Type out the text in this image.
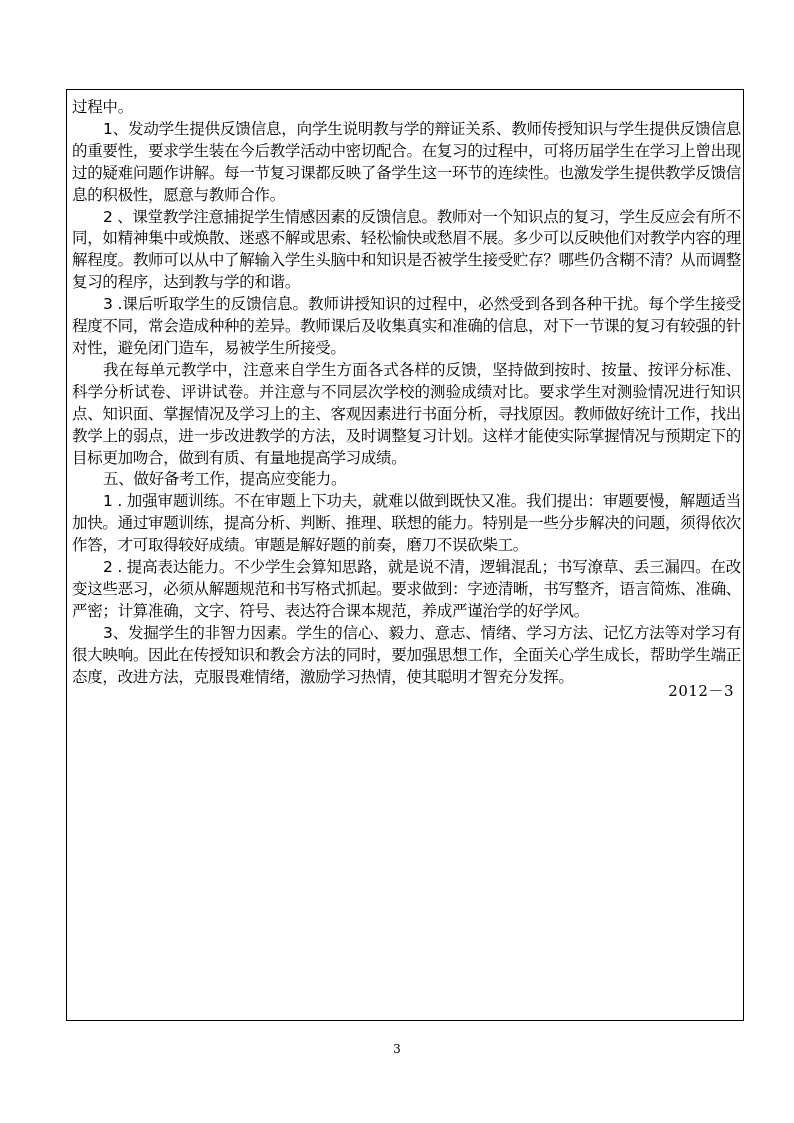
过程中。

1、发动学生提供反馈信息，向学生说明教与学的辩证关系、教师传授知识与学生提供反馈信息的重要性，要求学生装在今后教学活动中密切配合。在复习的过程中，可将历届学生在学习上曾出现过的疑难问题作讲解。每一节复习课都反映了备学生这一环节的连续性。也激发学生提供教学反馈信息的积极性，愿意与教师合作。

2 、课堂教学注意捕捉学生情感因素的反馈信息。教师对一个知识点的复习，学生反应会有所不同，如精神集中或焕散、迷惑不解或思索、轻松愉快或愁眉不展。多少可以反映他们对教学内容的理解程度。教师可以从中了解输入学生头脑中和知识是否被学生接受贮存？哪些仍含糊不清？从而调整复习的程序，达到教与学的和谐。

3 .课后听取学生的反馈信息。教师讲授知识的过程中，必然受到各到各种干扰。每个学生接受程度不同，常会造成种种的差异。教师课后及收集真实和准确的信息，对下一节课的复习有较强的针对性，避免闭门造车，易被学生所接受。

我在每单元教学中，注意来自学生方面各式各样的反馈，坚持做到按时、按量、按评分标准、科学分析试卷、评讲试卷。并注意与不同层次学校的测验成绩对比。要求学生对测验情况进行知识点、知识面、掌握情况及学习上的主、客观因素进行书面分析，寻找原因。教师做好统计工作，找出教学上的弱点，进一步改进教学的方法，及时调整复习计划。这样才能使实际掌握情况与预期定下的目标更加吻合，做到有质、有量地提高学习成绩。

五、做好备考工作，提高应变能力。

1 . 加强审题训练。不在审题上下功夫，就难以做到既快又准。我们提出：审题要慢，解题适当加快。通过审题训练，提高分析、判断、推理、联想的能力。特别是一些分步解决的问题，须得依次作答，才可取得较好成绩。审题是解好题的前奏，磨刀不误砍柴工。

2 . 提高表达能力。不少学生会算知思路，就是说不清，逻辑混乱；书写潦草、丢三漏四。在改变这些恶习，必须从解题规范和书写格式抓起。要求做到：字迹清晰，书写整齐，语言简炼、准确、严密；计算准确，文字、符号、表达符合课本规范，养成严谨治学的好学风。

3、发掘学生的非智力因素。学生的信心、毅力、意志、情绪、学习方法、记忆方法等对学习有很大映响。因此在传授知识和教会方法的同时，要加强思想工作，全面关心学生成长，帮助学生端正态度，改进方法，克服畏难情绪，激励学习热情，使其聪明才智充分发挥。

2012－3
3
